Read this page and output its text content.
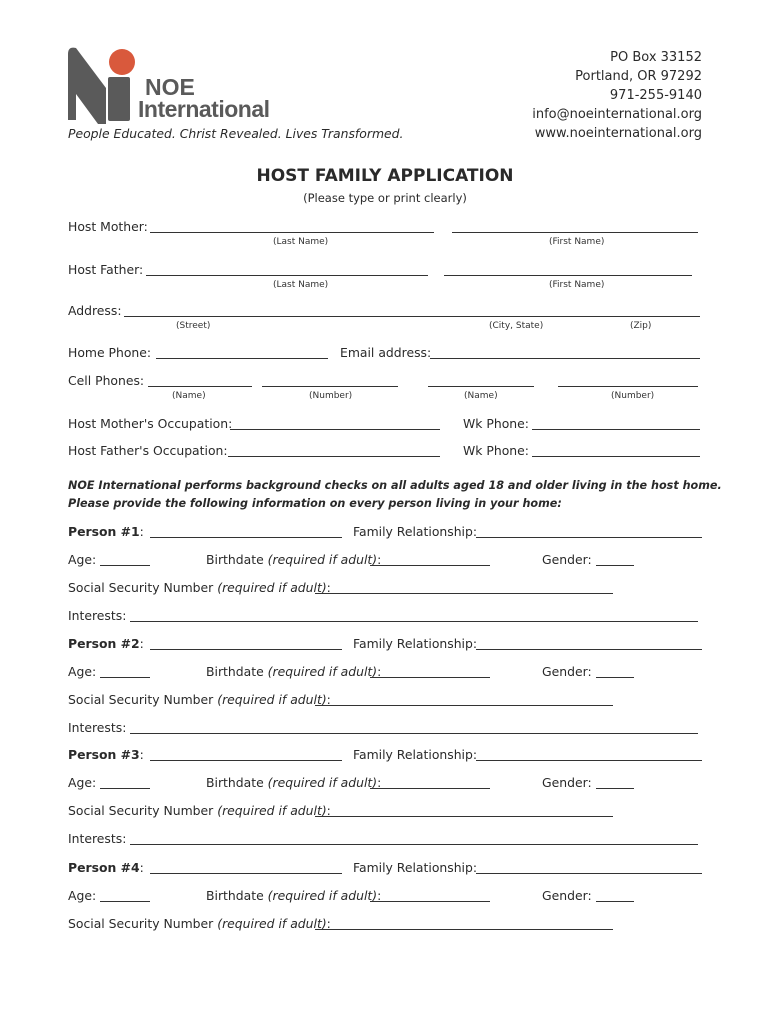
NOE
International
People Educated. Christ Revealed. Lives Transformed.
PO Box 33152
Portland, OR 97292
971-255-9140
info@noeinternational.org
www.noeinternational.org
HOST FAMILY APPLICATION
(Please type or print clearly)
Host Mother:
(Last Name)	(First Name)
Host Father:
(Last Name)	(First Name)
Address:
(Street)	(City, State)	(Zip)
Home Phone:	Email address:
Cell Phones:
(Name)	(Number)	(Name)	(Number)
Host Mother's Occupation:	Wk Phone:
Host Father's Occupation:	Wk Phone:
NOE International performs background checks on all adults aged 18 and older living in the host home.
Please provide the following information on every person living in your home:
Person #1:	Family Relationship:
Age:	Birthdate (required if adult):	Gender:
Social Security Number (required if adult):
Interests:
Person #2:	Family Relationship:
Age:	Birthdate (required if adult):	Gender:
Social Security Number (required if adult):
Interests:
Person #3:	Family Relationship:
Age:	Birthdate (required if adult):	Gender:
Social Security Number (required if adult):
Interests:
Person #4:	Family Relationship:
Age:	Birthdate (required if adult):	Gender:
Social Security Number (required if adult):
